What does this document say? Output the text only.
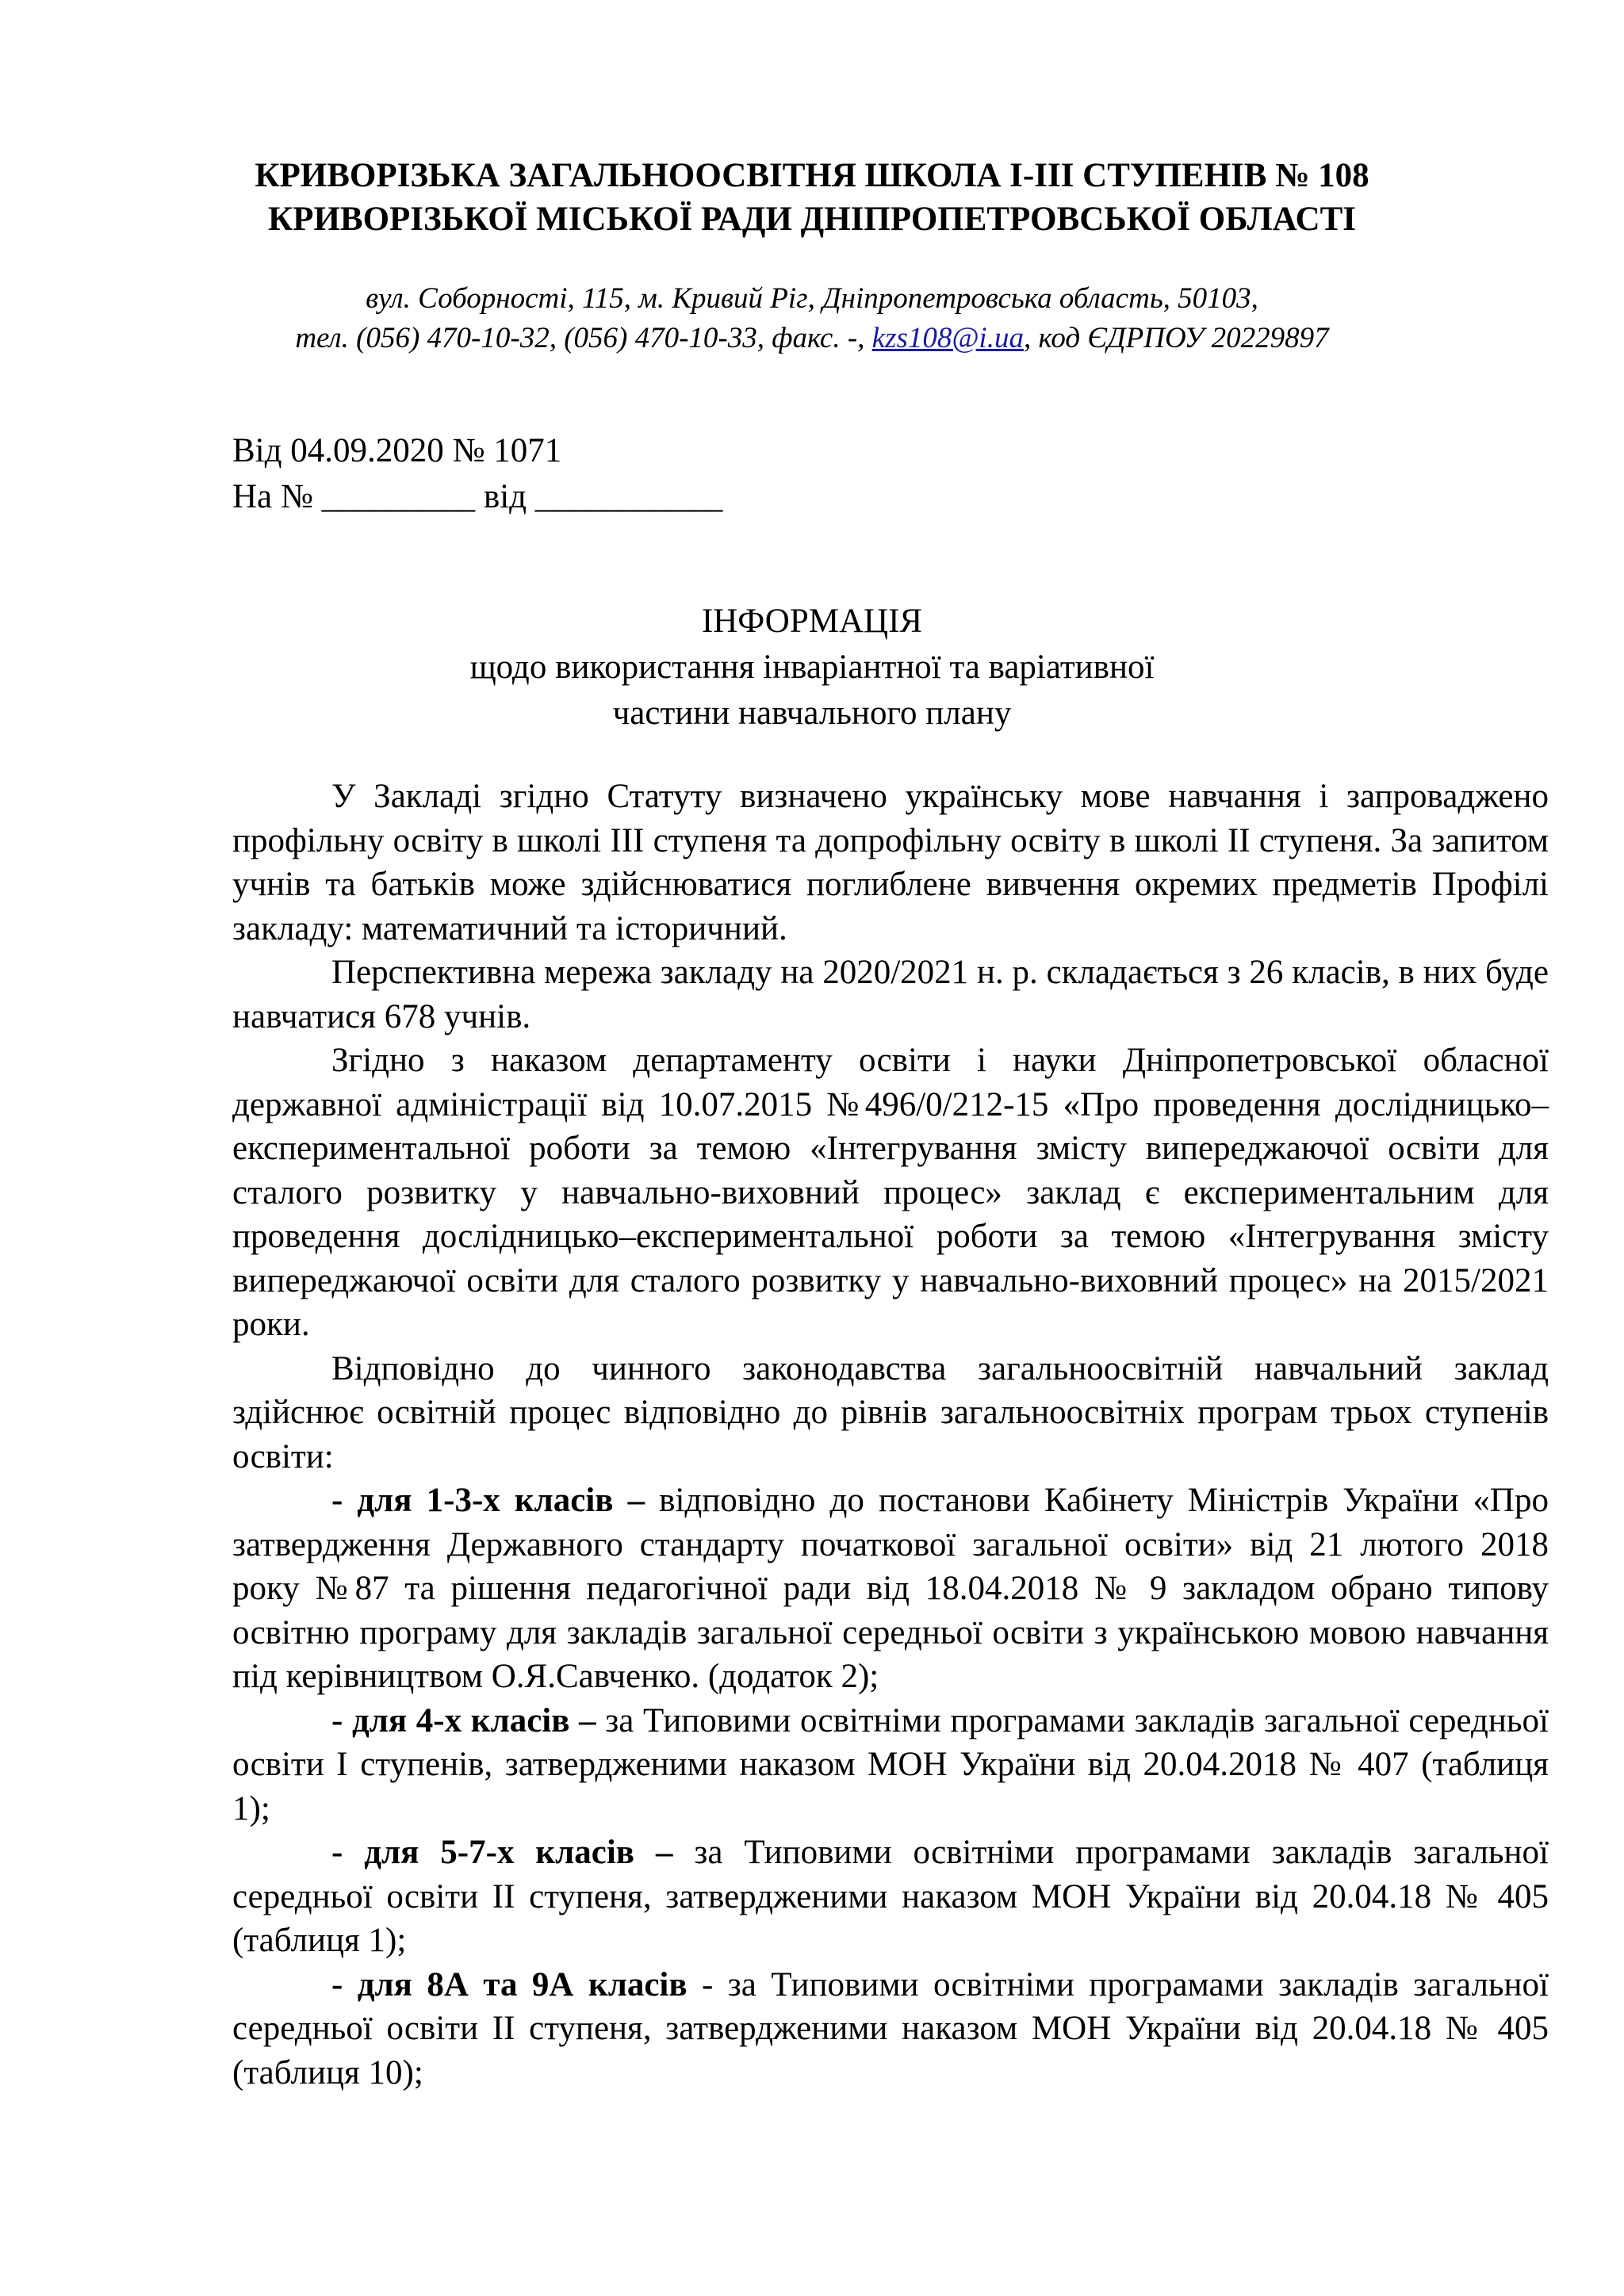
КРИВОРІЗЬКА ЗАГАЛЬНООСВІТНЯ ШКОЛА І-ІІІ СТУПЕНІВ № 108
КРИВОРІЗЬКОЇ МІСЬКОЇ РАДИ ДНІПРОПЕТРОВСЬКОЇ ОБЛАСТІ
вул. Соборності, 115, м. Кривий Ріг, Дніпропетровська область, 50103,
тел. (056) 470-10-32, (056) 470-10-33, факс. -, kzs108@i.ua, код ЄДРПОУ 20229897
Від 04.09.2020 № 1071
На № _________ від ___________
ІНФОРМАЦІЯ
щодо використання інваріантної та варіативної
частини навчального плану

У Закладі згідно Статуту визначено українську мове навчання і запроваджено профільну освіту в школі ІІІ ступеня та допрофільну освіту в школі ІІ ступеня. За запитом учнів та батьків може здійснюватися поглиблене вивчення окремих предметів Профілі закладу: математичний та історичний.

Перспективна мережа закладу на 2020/2021 н. р. складається з 26 класів, в них буде навчатися 678 учнів.

Згідно з наказом департаменту освіти і науки Дніпропетровської обласної державної адміністрації від 10.07.2015 №496/0/212-15 «Про проведення дослідницько–експериментальної роботи за темою «Інтегрування змісту випереджаючої освіти для сталого розвитку у навчально-виховний процес» заклад є експериментальним для проведення дослідницько–експериментальної роботи за темою «Інтегрування змісту випереджаючої освіти для сталого розвитку у навчально-виховний процес» на 2015/2021 роки.

Відповідно до чинного законодавства загальноосвітній навчальний заклад здійснює освітній процес відповідно до рівнів загальноосвітніх програм трьох ступенів освіти:

- для 1-3-х класів – відповідно до постанови Кабінету Міністрів України «Про затвердження Державного стандарту початкової загальної освіти» від 21 лютого 2018 року №87 та рішення педагогічної ради від 18.04.2018 № 9 закладом обрано типову освітню програму для закладів загальної середньої освіти з українською мовою навчання під керівництвом О.Я.Савченко. (додаток 2);

- для 4-х класів – за Типовими освітніми програмами закладів загальної середньої освіти І ступенів, затвердженими наказом МОН України від 20.04.2018 № 407 (таблиця 1);

- для 5-7-х класів – за Типовими освітніми програмами закладів загальної середньої освіти ІІ ступеня, затвердженими наказом МОН України від 20.04.18 № 405 (таблиця 1);

- для 8А та 9А класів - за Типовими освітніми програмами закладів загальної середньої освіти ІІ ступеня, затвердженими наказом МОН України від 20.04.18 № 405 (таблиця 10);
